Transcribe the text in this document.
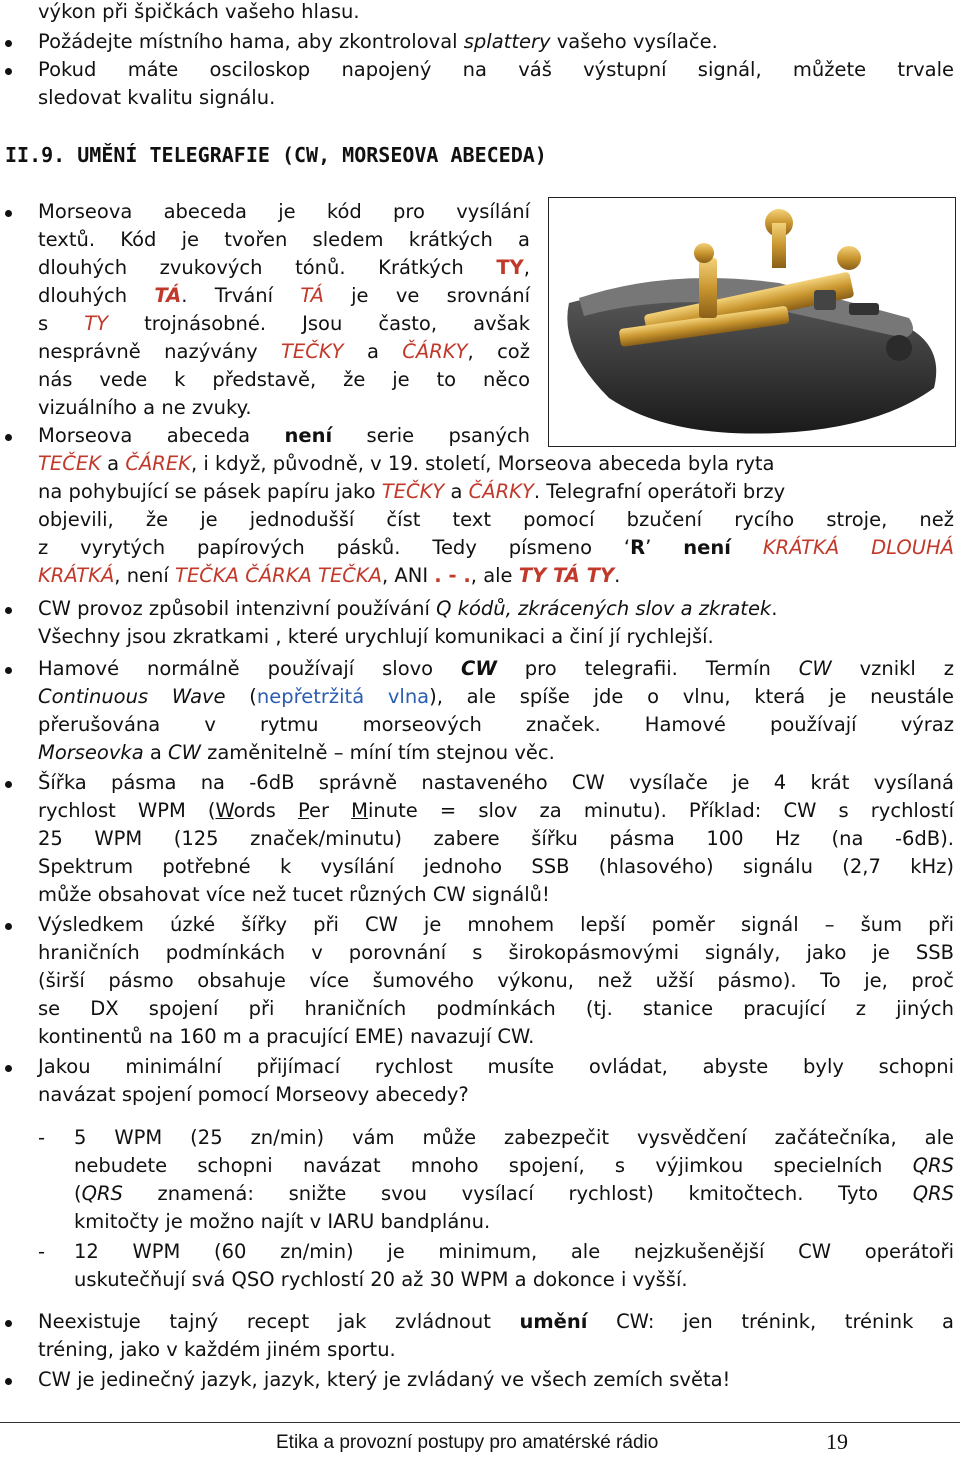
výkon při špičkách vašeho hlasu.
Požádejte místního hama, aby zkontroloval splattery vašeho vysílače.
Pokud máte osciloskop napojený na váš výstupní signál, můžete trvale
sledovat kvalitu signálu.
II.9. UMĚNÍ TELEGRAFIE (CW, MORSEOVA ABECEDA)
Morseova abeceda je kód pro vysílání
textů. Kód je tvořen sledem krátkých a
dlouhých zvukových tónů. Krátkých TY,
dlouhých TÁ. Trvání TÁ je ve srovnání
s TY trojnásobné. Jsou často, avšak
nesprávně nazývány TEČKY a ČÁRKY, což
nás vede k představě, že je to něco
vizuálního a ne zvuky.
Morseova abeceda není serie psaných
TEČEK a ČÁREK, i když, původně, v 19. století, Morseova abeceda byla ryta
na pohybující se pásek papíru jako TEČKY a ČÁRKY. Telegrafní operátoři brzy
objevili, že je jednodušší číst text pomocí bzučení rycího stroje, než
z vyrytých papírových pásků. Tedy písmeno ‘R’ není KRÁTKÁ DLOUHÁ
KRÁTKÁ, není TEČKA ČÁRKA TEČKA, ANI . - ., ale TY TÁ TY.
CW provoz způsobil intenzivní používání Q kódů, zkrácených slov a zkratek.
Všechny jsou zkratkami , které urychlují komunikaci a činí jí rychlejší.
Hamové normálně používají slovo CW pro telegrafii. Termín CW vznikl z
Continuous Wave (nepřetržitá vlna), ale spíše jde o vlnu, která je neustále
přerušována v rytmu morseových značek. Hamové používají výraz
Morseovka a CW zaměnitelně – míní tím stejnou věc.
Šířka pásma na -6dB správně nastaveného CW vysílače je 4 krát vysílaná
rychlost WPM (Words Per Minute = slov za minutu). Příklad: CW s rychlostí
25 WPM (125 značek/minutu) zabere šířku pásma 100 Hz (na -6dB).
Spektrum potřebné k vysílání jednoho SSB (hlasového) signálu (2,7 kHz)
může obsahovat více než tucet různých CW signálů!
Výsledkem úzké šířky při CW je mnohem lepší poměr signál – šum při
hraničních podmínkách v porovnání s širokopásmovými signály, jako je SSB
(širší pásmo obsahuje více šumového výkonu, než užší pásmo). To je, proč
se DX spojení při hraničních podmínkách (tj. stanice pracující z jiných
kontinentů na 160 m a pracující EME) navazují CW.
Jakou minimální přijímací rychlost musíte ovládat, abyste byly schopni
navázat spojení pomocí Morseovy abecedy?
- 5 WPM (25 zn/min) vám může zabezpečit vysvědčení začátečníka, ale
nebudete schopni navázat mnoho spojení, s výjimkou specielních QRS
(QRS znamená: snižte svou vysílací rychlost) kmitočtech. Tyto QRS
kmitočty je možno najít v IARU bandplánu.
- 12 WPM (60 zn/min) je minimum, ale nejzkušenější CW operátoři
uskutečňují svá QSO rychlostí 20 až 30 WPM a dokonce i vyšší.
Neexistuje tajný recept jak zvládnout umění CW: jen trénink, trénink a
tréning, jako v každém jiném sportu.
CW je jedinečný jazyk, jazyk, který je zvládaný ve všech zemích světa!
Etika a provozní postupy pro amatérské rádio	19
